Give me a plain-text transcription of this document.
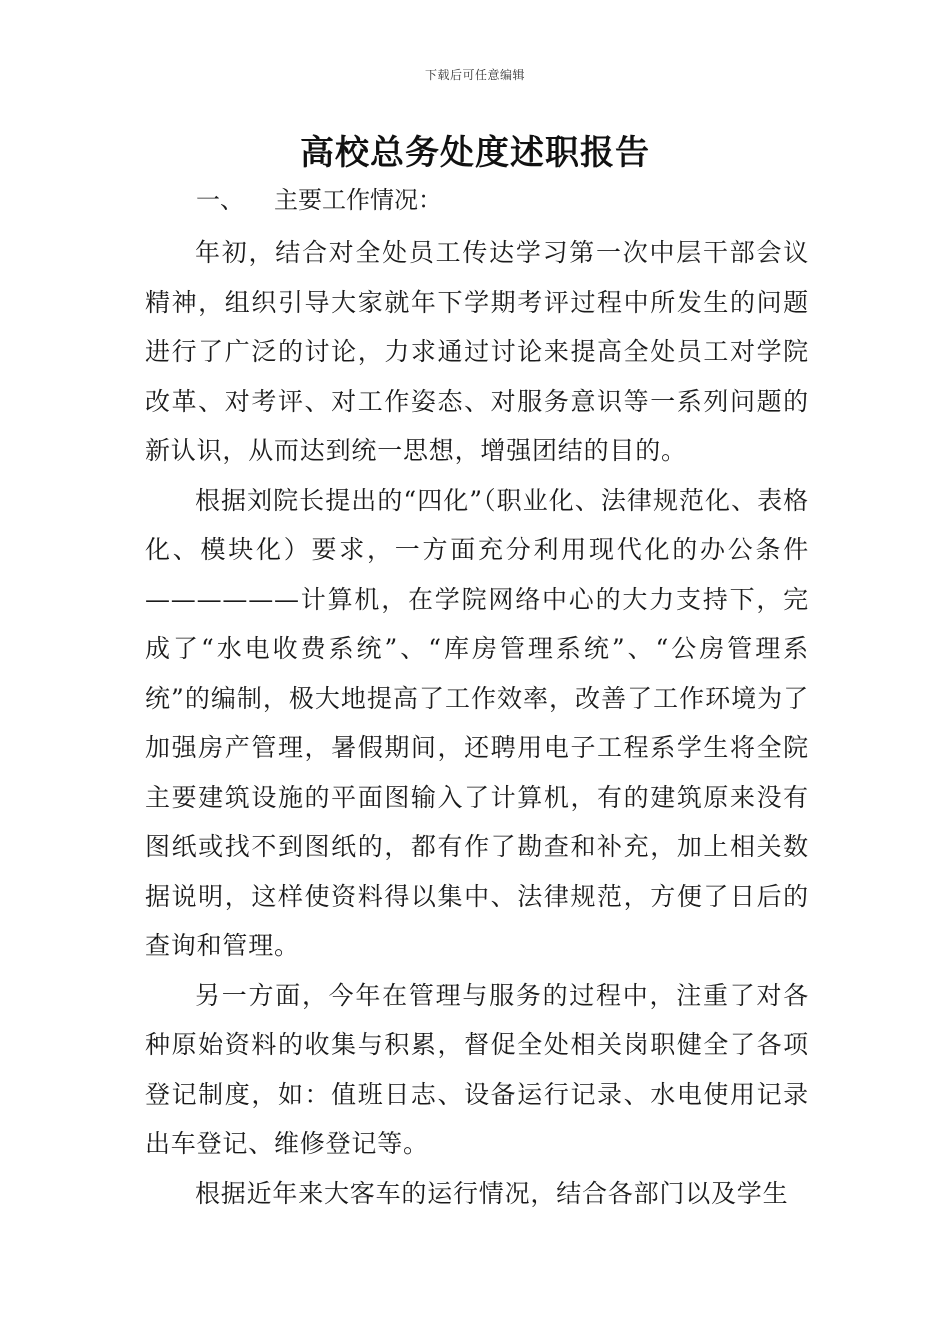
下载后可任意编辑
高校总务处度述职报告
一、 主要工作情况：

年初，结合对全处员工传达学习第一次中层干部会议精神，组织引导大家就年下学期考评过程中所发生的问题进行了广泛的讨论，力求通过讨论来提高全处员工对学院改革、对考评、对工作姿态、对服务意识等一系列问题的新认识，从而达到统一思想，增强团结的目的。

根据刘院长提出的“四化”（职业化、法律规范化、表格化、模块化）要求，一方面充分利用现代化的办公条件——————计算机，在学院网络中心的大力支持下，完成了“水电收费系统”、“库房管理系统”、“公房管理系统”的编制，极大地提高了工作效率，改善了工作环境为了加强房产管理，暑假期间，还聘用电子工程系学生将全院主要建筑设施的平面图输入了计算机，有的建筑原来没有图纸或找不到图纸的，都有作了勘查和补充，加上相关数据说明，这样使资料得以集中、法律规范，方便了日后的查询和管理。

另一方面，今年在管理与服务的过程中，注重了对各种原始资料的收集与积累，督促全处相关岗职健全了各项登记制度，如：值班日志、设备运行记录、水电使用记录出车登记、维修登记等。

根据近年来大客车的运行情况，结合各部门以及学生
